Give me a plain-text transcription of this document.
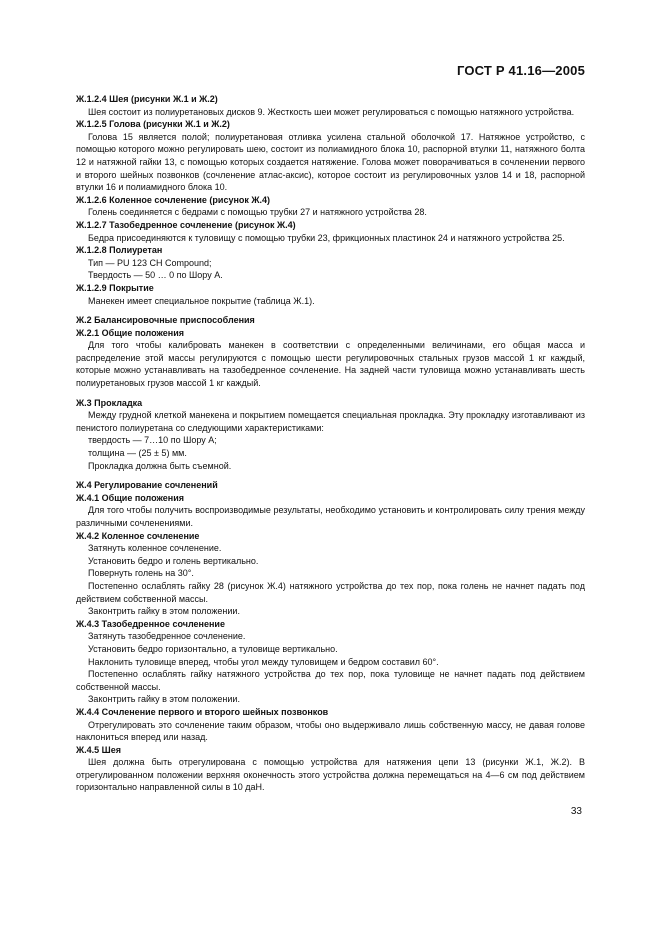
ГОСТ Р 41.16—2005
Ж.1.2.4 Шея (рисунки Ж.1 и Ж.2)
Шея состоит из полиуретановых дисков 9. Жесткость шеи может регулироваться с помощью натяжного устройства.
Ж.1.2.5 Голова (рисунки Ж.1 и Ж.2)
Голова 15 является полой; полиуретановая отливка усилена стальной оболочкой 17. Натяжное устройство, с помощью которого можно регулировать шею, состоит из полиамидного блока 10, распорной втулки 11, натяжного болта 12 и натяжной гайки 13, с помощью которых создается натяжение. Голова может поворачиваться в сочленении первого и второго шейных позвонков (сочленение атлас-аксис), которое состоит из регулировочных узлов 14 и 18, распорной втулки 16 и полиамидного блока 10.
Ж.1.2.6 Коленное сочленение (рисунок Ж.4)
Голень соединяется с бедрами с помощью трубки 27 и натяжного устройства 28.
Ж.1.2.7 Тазобедренное сочленение (рисунок Ж.4)
Бедра присоединяются к туловищу с помощью трубки 23, фрикционных пластинок 24 и натяжного устройства 25.
Ж.1.2.8 Полиуретан
Тип — PU 123 CH Compound;
Твердость — 50 … 0 по Шору А.
Ж.1.2.9 Покрытие
Манекен имеет специальное покрытие (таблица Ж.1).
Ж.2 Балансировочные приспособления
Ж.2.1 Общие положения
Для того чтобы калибровать манекен в соответствии с определенными величинами, его общая масса и распределение этой массы регулируются с помощью шести регулировочных стальных грузов массой 1 кг каждый, которые можно устанавливать на тазобедренное сочленение. На задней части туловища можно устанавливать шесть полиуретановых грузов массой 1 кг каждый.
Ж.3 Прокладка
Между грудной клеткой манекена и покрытием помещается специальная прокладка. Эту прокладку изготавливают из пенистого полиуретана со следующими характеристиками:
твердость — 7…10 по Шору А;
толщина — (25 ± 5) мм.
Прокладка должна быть съемной.
Ж.4 Регулирование сочленений
Ж.4.1 Общие положения
Для того чтобы получить воспроизводимые результаты, необходимо установить и контролировать силу трения между различными сочленениями.
Ж.4.2 Коленное сочленение
Затянуть коленное сочленение.
Установить бедро и голень вертикально.
Повернуть голень на 30°.
Постепенно ослаблять гайку 28 (рисунок Ж.4) натяжного устройства до тех пор, пока голень не начнет падать под действием собственной массы.
Законтрить гайку в этом положении.
Ж.4.3 Тазобедренное сочленение
Затянуть тазобедренное сочленение.
Установить бедро горизонтально, а туловище вертикально.
Наклонить туловище вперед, чтобы угол между туловищем и бедром составил 60°.
Постепенно ослаблять гайку натяжного устройства до тех пор, пока туловище не начнет падать под действием собственной массы.
Законтрить гайку в этом положении.
Ж.4.4 Сочленение первого и второго шейных позвонков
Отрегулировать это сочленение таким образом, чтобы оно выдерживало лишь собственную массу, не давая голове наклониться вперед или назад.
Ж.4.5 Шея
Шея должна быть отрегулирована с помощью устройства для натяжения цепи 13 (рисунки Ж.1, Ж.2). В отрегулированном положении верхняя оконечность этого устройства должна перемещаться на 4—6 см под действием горизонтально направленной силы в 10 даН.
33
